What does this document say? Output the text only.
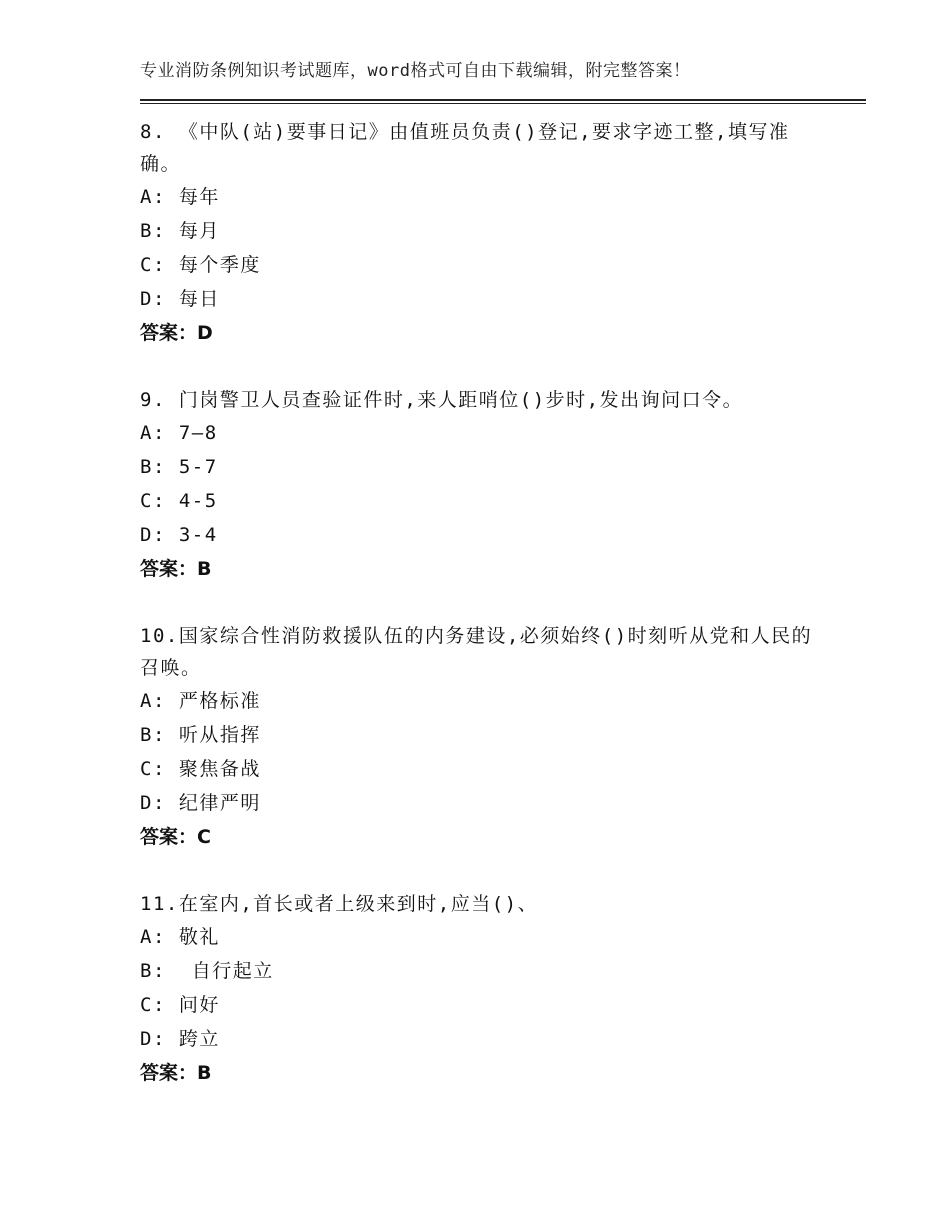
专业消防条例知识考试题库，word格式可自由下载编辑，附完整答案！

8. 《中队(站)要事日记》由值班员负责()登记,要求字迹工整,填写准确。

A: 每年

B: 每月

C: 每个季度

D: 每日

答案：D

9. 门岗警卫人员查验证件时,来人距哨位()步时,发出询问口令。

A: 7—8

B: 5-7

C: 4-5

D: 3-4

答案：B

10.国家综合性消防救援队伍的内务建设,必须始终()时刻听从党和人民的召唤。

A: 严格标准

B: 听从指挥

C: 聚焦备战

D: 纪律严明

答案：C

11.在室内,首长或者上级来到时,应当()、

A: 敬礼

B:  自行起立

C: 问好

D: 跨立

答案：B
